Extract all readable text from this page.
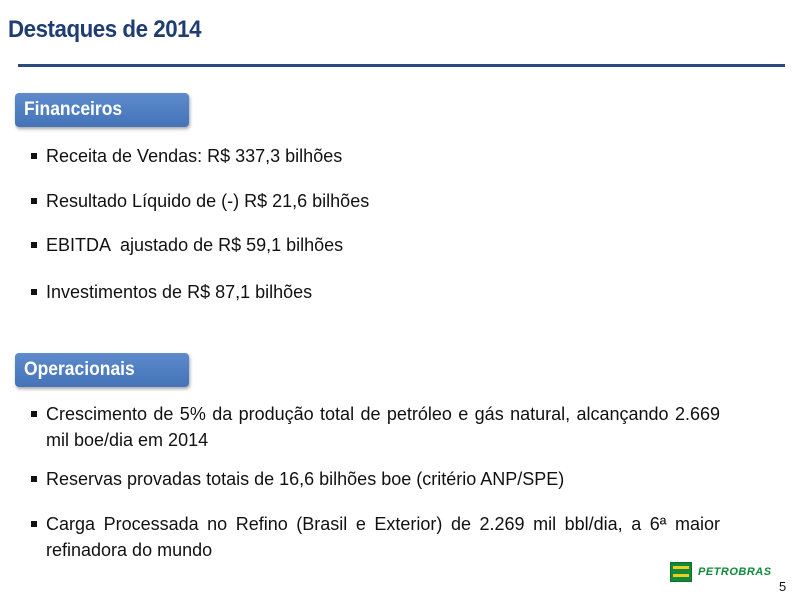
Destaques de 2014
Financeiros
Receita de Vendas: R$ 337,3 bilhões
Resultado Líquido de (-) R$ 21,6 bilhões
EBITDA  ajustado de R$ 59,1 bilhões
Investimentos de R$ 87,1 bilhões
Operacionais
Crescimento de 5% da produção total de petróleo e gás natural, alcançando 2.669 mil boe/dia em 2014
Reservas provadas totais de 16,6 bilhões boe (critério ANP/SPE)
Carga Processada no Refino (Brasil e Exterior) de 2.269 mil bbl/dia, a 6ª maior refinadora do mundo
PETROBRAS
5
